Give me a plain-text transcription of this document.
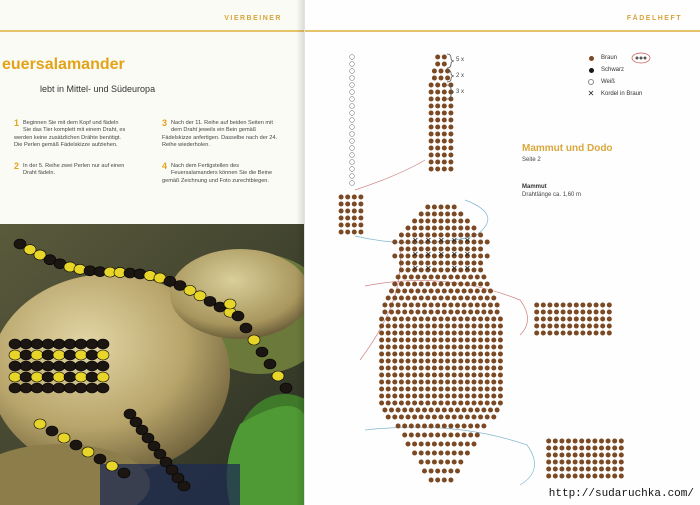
VIERBEINER
euersalamander
lebt in Mittel- und Südeuropa
1 Beginnen Sie mit dem Kopf und fädeln Sie das Tier komplett mit einem Draht, es werden keine zusätzlichen Drähte benötigt. Die Perlen gemäß Fädelskizze aufziehen.
2 In der 5. Reihe zwei Perlen nur auf einen Draht fädeln.
3 Nach der 11. Reihe auf beiden Seiten mit dem Draht jeweils ein Bein gemäß Fädelskizze anfertigen. Dasselbe nach der 24. Reihe wiederholen.
4 Nach dem Fertigstellen des Feuersalamanders können Sie die Beine gemäß Zeichnung und Foto zurechtbiegen.
FÄDELHEFT
✕ ✕ ✕ ✕ ✕
✕ ✕ ✕ ✕ ✕
✕ ✕ ✕ ✕
5 x
2 x
3 x
Braun
Schwarz
Weiß
✕ Kordel in Braun
Mammut und Dodo
Seite 2
Mammut
Drahtlänge ca. 1,60 m
http://sudaruchka.com/
